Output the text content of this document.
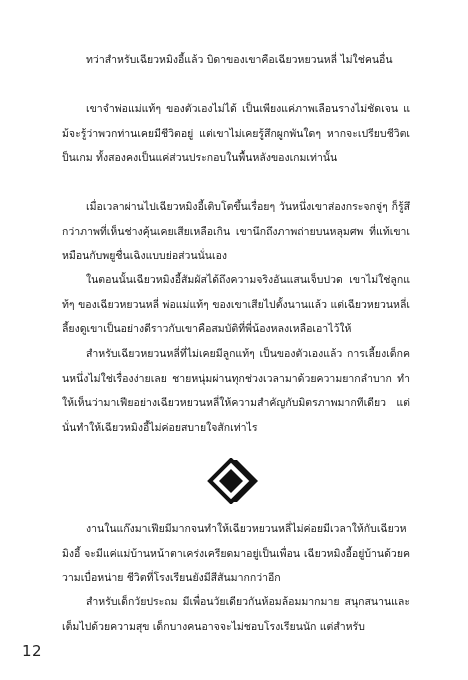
ทว่าสำหรับเฉียวหมิงอี้แล้ว บิดาของเขาคือเฉียวหยวนหลี่ ไม่ใช่คนอื่น

เขาจำพ่อแม่แท้ๆ ของตัวเองไม่ได้ เป็นเพียงแค่ภาพเลือนรางไม่ชัดเจน แม้จะรู้ว่าพวกท่านเคยมีชีวิตอยู่ แต่เขาไม่เคยรู้สึกผูกพันใดๆ หากจะเปรียบชีวิตเป็นเกม ทั้งสองคงเป็นแค่ส่วนประกอบในพื้นหลังของเกมเท่านั้น

เมื่อเวลาผ่านไปเฉียวหมิงอี้เติบโตขึ้นเรื่อยๆ วันหนึ่งเขาส่องกระจกจู่ๆ ก็รู้สึกว่าภาพที่เห็นช่างคุ้นเคยเสียเหลือเกิน เขานึกถึงภาพถ่ายบนหลุมศพ ที่แท้เขาเหมือนกับพยูชื่นเฉิงแบบย่อส่วนนั่นเอง

ในตอนนั้นเฉียวหมิงอี้สัมผัสได้ถึงความจริงอันแสนเจ็บปวด เขาไม่ใช่ลูกแท้ๆ ของเฉียวหยวนหลี่ พ่อแม่แท้ๆ ของเขาเสียไปตั้งนานแล้ว แต่เฉียวหยวนหลี่เลี้ยงดูเขาเป็นอย่างดีราวกับเขาคือสมบัติที่พี่น้องหลงเหลือเอาไว้ให้

สำหรับเฉียวหยวนหลี่ที่ไม่เคยมีลูกแท้ๆ เป็นของตัวเองแล้ว การเลี้ยงเด็กคนหนึ่งไม่ใช่เรื่องง่ายเลย ชายหนุ่มผ่านทุกช่วงเวลามาด้วยความยากลำบาก ทำให้เห็นว่ามาเฟียอย่างเฉียวหยวนหลี่ให้ความสำคัญกับมิตรภาพมากทีเดียว แต่นั่นทำให้เฉียวหมิงอี้ไม่ค่อยสบายใจสักเท่าไร

งานในแก๊งมาเฟียมีมากจนทำให้เฉียวหยวนหลี่ไม่ค่อยมีเวลาให้กับเฉียวหมิงอี้ จะมีแค่แม่บ้านหน้าตาเคร่งเครียดมาอยู่เป็นเพื่อน เฉียวหมิงอี้อยู่บ้านด้วยความเบื่อหน่าย ชีวิตที่โรงเรียนยังมีสีสันมากกว่าอีก

สำหรับเด็กวัยประถม มีเพื่อนวัยเดียวกันห้อมล้อมมากมาย สนุกสนานและเต็มไปด้วยความสุข เด็กบางคนอาจจะไม่ชอบโรงเรียนนัก แต่สำหรับ

12
